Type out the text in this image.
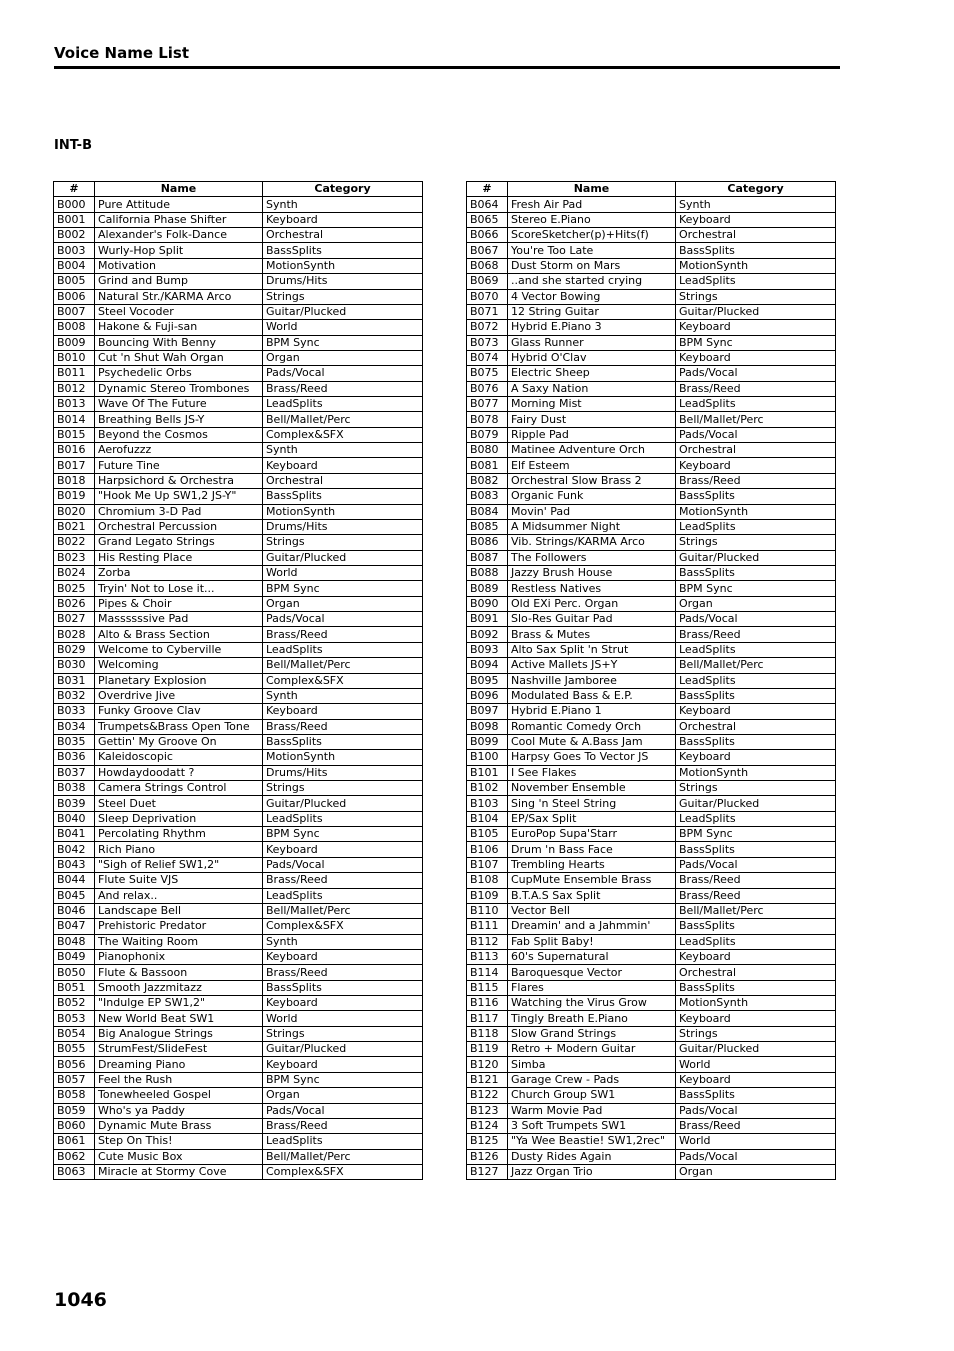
Voice Name List
INT-B
#	Name	Category
B000	Pure Attitude	Synth
B001	California Phase Shifter	Keyboard
B002	Alexander's Folk-Dance	Orchestral
B003	Wurly-Hop Split	BassSplits
B004	Motivation	MotionSynth
B005	Grind and Bump	Drums/Hits
B006	Natural Str./KARMA Arco	Strings
B007	Steel Vocoder	Guitar/Plucked
B008	Hakone & Fuji-san	World
B009	Bouncing With Benny	BPM Sync
B010	Cut 'n Shut Wah Organ	Organ
B011	Psychedelic Orbs	Pads/Vocal
B012	Dynamic Stereo Trombones	Brass/Reed
B013	Wave Of The Future	LeadSplits
B014	Breathing Bells JS-Y	Bell/Mallet/Perc
B015	Beyond the Cosmos	Complex&SFX
B016	Aerofuzzz	Synth
B017	Future Tine	Keyboard
B018	Harpsichord & Orchestra	Orchestral
B019	"Hook Me Up SW1,2 JS-Y"	BassSplits
B020	Chromium 3-D Pad	MotionSynth
B021	Orchestral Percussion	Drums/Hits
B022	Grand Legato Strings	Strings
B023	His Resting Place	Guitar/Plucked
B024	Zorba	World
B025	Tryin' Not to Lose it...	BPM Sync
B026	Pipes & Choir	Organ
B027	Massssssive Pad	Pads/Vocal
B028	Alto & Brass Section	Brass/Reed
B029	Welcome to Cyberville	LeadSplits
B030	Welcoming	Bell/Mallet/Perc
B031	Planetary Explosion	Complex&SFX
B032	Overdrive Jive	Synth
B033	Funky Groove Clav	Keyboard
B034	Trumpets&Brass Open Tone	Brass/Reed
B035	Gettin' My Groove On	BassSplits
B036	Kaleidoscopic	MotionSynth
B037	Howdaydoodatt ?	Drums/Hits
B038	Camera Strings Control	Strings
B039	Steel Duet	Guitar/Plucked
B040	Sleep Deprivation	LeadSplits
B041	Percolating Rhythm	BPM Sync
B042	Rich Piano	Keyboard
B043	"Sigh of Relief SW1,2"	Pads/Vocal
B044	Flute Suite VJS	Brass/Reed
B045	And relax..	LeadSplits
B046	Landscape Bell	Bell/Mallet/Perc
B047	Prehistoric Predator	Complex&SFX
B048	The Waiting Room	Synth
B049	Pianophonix	Keyboard
B050	Flute & Bassoon	Brass/Reed
B051	Smooth Jazzmitazz	BassSplits
B052	"Indulge EP SW1,2"	Keyboard
B053	New World Beat SW1	World
B054	Big Analogue Strings	Strings
B055	StrumFest/SlideFest	Guitar/Plucked
B056	Dreaming Piano	Keyboard
B057	Feel the Rush	BPM Sync
B058	Tonewheeled Gospel	Organ
B059	Who's ya Paddy	Pads/Vocal
B060	Dynamic Mute Brass	Brass/Reed
B061	Step On This!	LeadSplits
B062	Cute Music Box	Bell/Mallet/Perc
B063	Miracle at Stormy Cove	Complex&SFX
#	Name	Category
B064	Fresh Air Pad	Synth
B065	Stereo E.Piano	Keyboard
B066	ScoreSketcher(p)+Hits(f)	Orchestral
B067	You're Too Late	BassSplits
B068	Dust Storm on Mars	MotionSynth
B069	..and she started crying	LeadSplits
B070	4 Vector Bowing	Strings
B071	12 String Guitar	Guitar/Plucked
B072	Hybrid E.Piano 3	Keyboard
B073	Glass Runner	BPM Sync
B074	Hybrid O'Clav	Keyboard
B075	Electric Sheep	Pads/Vocal
B076	A Saxy Nation	Brass/Reed
B077	Morning Mist	LeadSplits
B078	Fairy Dust	Bell/Mallet/Perc
B079	Ripple Pad	Pads/Vocal
B080	Matinee Adventure Orch	Orchestral
B081	Elf Esteem	Keyboard
B082	Orchestral Slow Brass 2	Brass/Reed
B083	Organic Funk	BassSplits
B084	Movin' Pad	MotionSynth
B085	A Midsummer Night	LeadSplits
B086	Vib. Strings/KARMA Arco	Strings
B087	The Followers	Guitar/Plucked
B088	Jazzy Brush House	BassSplits
B089	Restless Natives	BPM Sync
B090	Old EXi Perc. Organ	Organ
B091	Slo-Res Guitar Pad	Pads/Vocal
B092	Brass & Mutes	Brass/Reed
B093	Alto Sax Split 'n Strut	LeadSplits
B094	Active Mallets JS+Y	Bell/Mallet/Perc
B095	Nashville Jamboree	LeadSplits
B096	Modulated Bass & E.P.	BassSplits
B097	Hybrid E.Piano 1	Keyboard
B098	Romantic Comedy Orch	Orchestral
B099	Cool Mute & A.Bass Jam	BassSplits
B100	Harpsy Goes To Vector JS	Keyboard
B101	I See Flakes	MotionSynth
B102	November Ensemble	Strings
B103	Sing 'n Steel String	Guitar/Plucked
B104	EP/Sax Split	LeadSplits
B105	EuroPop Supa'Starr	BPM Sync
B106	Drum 'n Bass Face	BassSplits
B107	Trembling Hearts	Pads/Vocal
B108	CupMute Ensemble Brass	Brass/Reed
B109	B.T.A.S Sax Split	Brass/Reed
B110	Vector Bell	Bell/Mallet/Perc
B111	Dreamin' and a Jahmmin'	BassSplits
B112	Fab Split Baby!	LeadSplits
B113	60's Supernatural	Keyboard
B114	Baroquesque Vector	Orchestral
B115	Flares	BassSplits
B116	Watching the Virus Grow	MotionSynth
B117	Tingly Breath E.Piano	Keyboard
B118	Slow Grand Strings	Strings
B119	Retro + Modern Guitar	Guitar/Plucked
B120	Simba	World
B121	Garage Crew - Pads	Keyboard
B122	Church Group SW1	BassSplits
B123	Warm Movie Pad	Pads/Vocal
B124	3 Soft Trumpets SW1	Brass/Reed
B125	"Ya Wee Beastie! SW1,2rec"	World
B126	Dusty Rides Again	Pads/Vocal
B127	Jazz Organ Trio	Organ
1046
